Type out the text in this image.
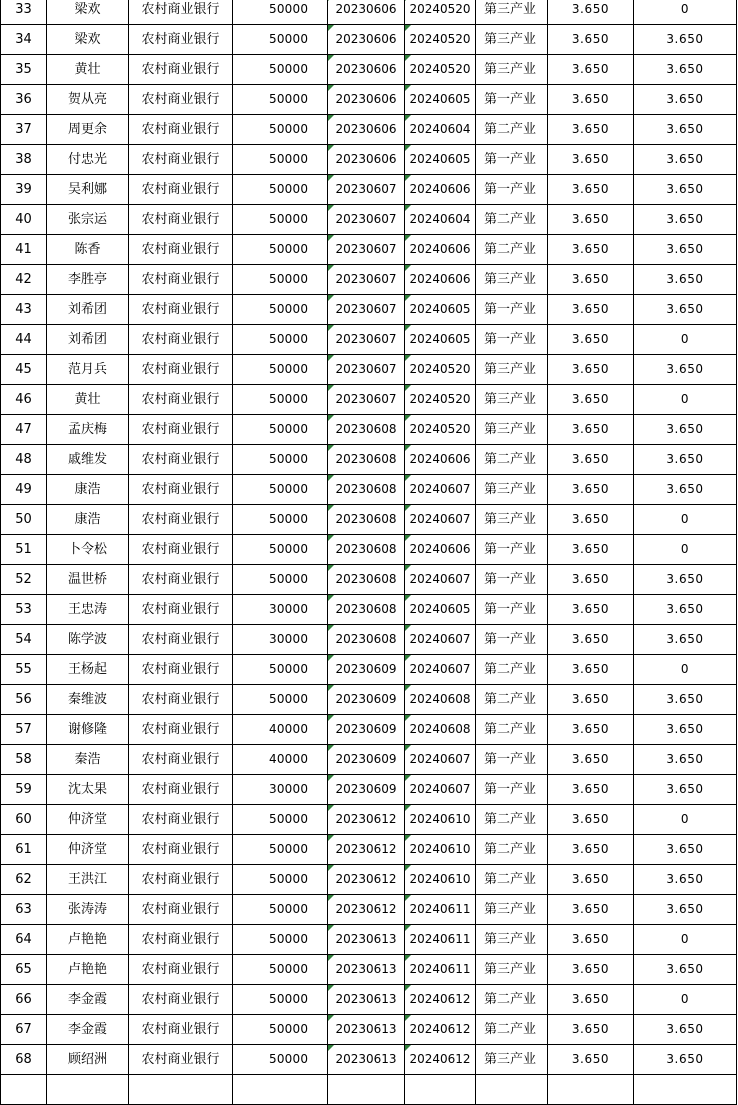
33	梁欢	农村商业银行	50000	20230606	20240520	第三产业	3.650	0
34	梁欢	农村商业银行	50000	20230606	20240520	第三产业	3.650	3.650
35	黄壮	农村商业银行	50000	20230606	20240520	第三产业	3.650	3.650
36	贺从亮	农村商业银行	50000	20230606	20240605	第一产业	3.650	3.650
37	周更余	农村商业银行	50000	20230606	20240604	第二产业	3.650	3.650
38	付忠光	农村商业银行	50000	20230606	20240605	第一产业	3.650	3.650
39	吴利娜	农村商业银行	50000	20230607	20240606	第一产业	3.650	3.650
40	张宗运	农村商业银行	50000	20230607	20240604	第二产业	3.650	3.650
41	陈香	农村商业银行	50000	20230607	20240606	第二产业	3.650	3.650
42	李胜亭	农村商业银行	50000	20230607	20240606	第三产业	3.650	3.650
43	刘希团	农村商业银行	50000	20230607	20240605	第一产业	3.650	3.650
44	刘希团	农村商业银行	50000	20230607	20240605	第一产业	3.650	0
45	范月兵	农村商业银行	50000	20230607	20240520	第三产业	3.650	3.650
46	黄壮	农村商业银行	50000	20230607	20240520	第三产业	3.650	0
47	孟庆梅	农村商业银行	50000	20230608	20240520	第三产业	3.650	3.650
48	戚维发	农村商业银行	50000	20230608	20240606	第二产业	3.650	3.650
49	康浩	农村商业银行	50000	20230608	20240607	第三产业	3.650	3.650
50	康浩	农村商业银行	50000	20230608	20240607	第三产业	3.650	0
51	卜令松	农村商业银行	50000	20230608	20240606	第一产业	3.650	0
52	温世桥	农村商业银行	50000	20230608	20240607	第一产业	3.650	3.650
53	王忠涛	农村商业银行	30000	20230608	20240605	第一产业	3.650	3.650
54	陈学波	农村商业银行	30000	20230608	20240607	第一产业	3.650	3.650
55	王杨起	农村商业银行	50000	20230609	20240607	第二产业	3.650	0
56	秦维波	农村商业银行	50000	20230609	20240608	第二产业	3.650	3.650
57	谢修隆	农村商业银行	40000	20230609	20240608	第二产业	3.650	3.650
58	秦浩	农村商业银行	40000	20230609	20240607	第一产业	3.650	3.650
59	沈太果	农村商业银行	30000	20230609	20240607	第一产业	3.650	3.650
60	仲济堂	农村商业银行	50000	20230612	20240610	第二产业	3.650	0
61	仲济堂	农村商业银行	50000	20230612	20240610	第二产业	3.650	3.650
62	王洪江	农村商业银行	50000	20230612	20240610	第二产业	3.650	3.650
63	张涛涛	农村商业银行	50000	20230612	20240611	第三产业	3.650	3.650
64	卢艳艳	农村商业银行	50000	20230613	20240611	第三产业	3.650	0
65	卢艳艳	农村商业银行	50000	20230613	20240611	第三产业	3.650	3.650
66	李金霞	农村商业银行	50000	20230613	20240612	第二产业	3.650	0
67	李金霞	农村商业银行	50000	20230613	20240612	第二产业	3.650	3.650
68	顾绍洲	农村商业银行	50000	20230613	20240612	第三产业	3.650	3.650
